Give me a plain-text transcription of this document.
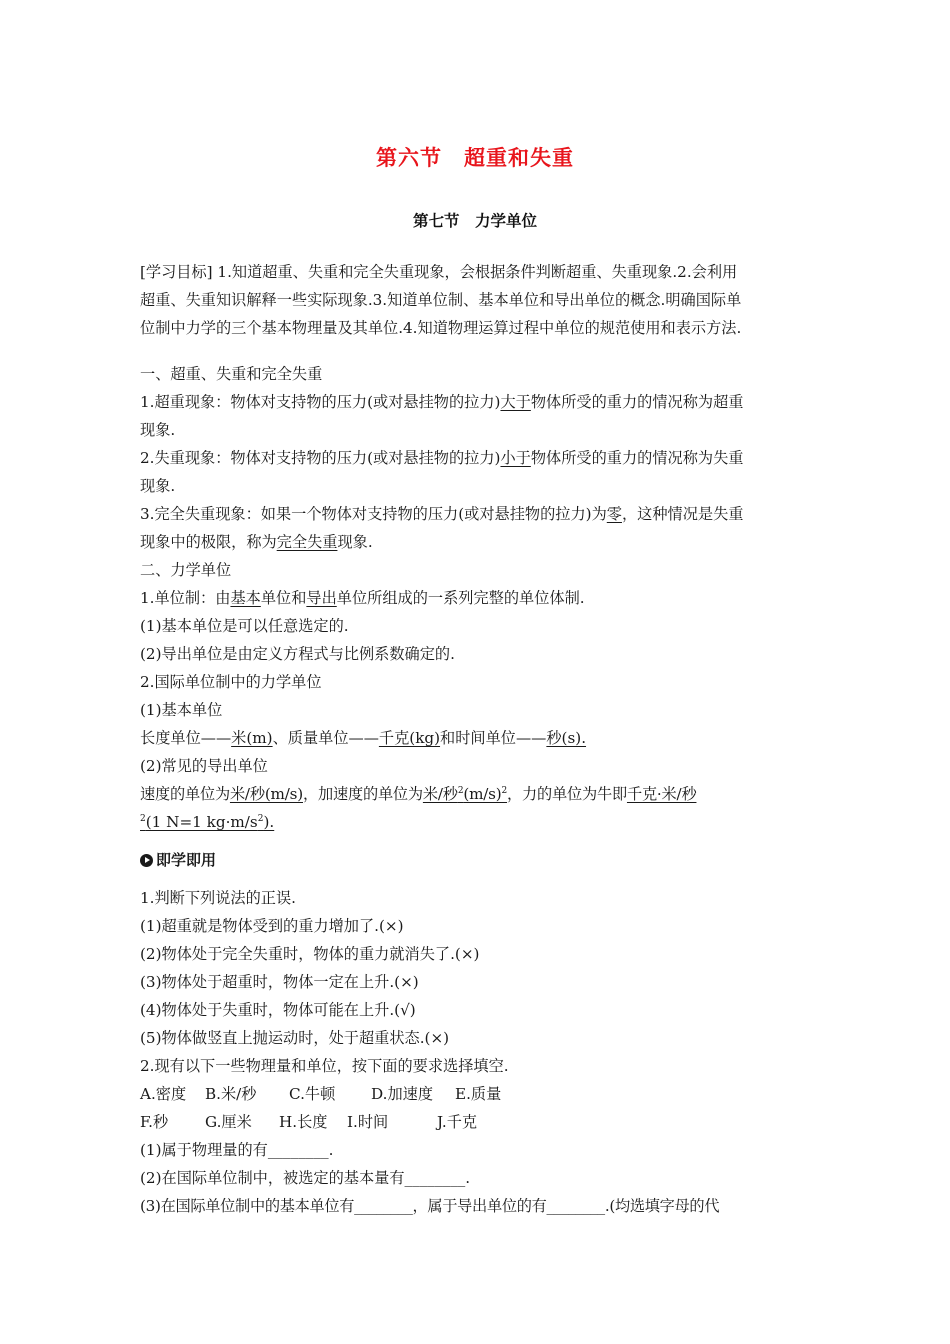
第六节　超重和失重
第七节　力学单位
[学习目标] 1.知道超重、失重和完全失重现象，会根据条件判断超重、失重现象.2.会利用
超重、失重知识解释一些实际现象.3.知道单位制、基本单位和导出单位的概念.明确国际单
位制中力学的三个基本物理量及其单位.4.知道物理运算过程中单位的规范使用和表示方法.
一、超重、失重和完全失重
1.超重现象：物体对支持物的压力(或对悬挂物的拉力)大于物体所受的重力的情况称为超重
现象.
2.失重现象：物体对支持物的压力(或对悬挂物的拉力)小于物体所受的重力的情况称为失重
现象.
3.完全失重现象：如果一个物体对支持物的压力(或对悬挂物的拉力)为零，这种情况是失重
现象中的极限，称为完全失重现象.
二、力学单位
1.单位制：由基本单位和导出单位所组成的一系列完整的单位体制.
(1)基本单位是可以任意选定的.
(2)导出单位是由定义方程式与比例系数确定的.
2.国际单位制中的力学单位
(1)基本单位
长度单位——米(m)、质量单位——千克(kg)和时间单位——秒(s).
(2)常见的导出单位
速度的单位为米/秒(m/s)，加速度的单位为米/秒$^2(m/s)^2$，力的单位为牛即千克·米/秒
$^2$(1 N=1 $kg\cdot m/s^2$).
即学即用
1.判断下列说法的正误.
(1)超重就是物体受到的重力增加了.(×)
(2)物体处于完全失重时，物体的重力就消失了.(×)
(3)物体处于超重时，物体一定在上升.(×)
(4)物体处于失重时，物体可能在上升.(√)
(5)物体做竖直上抛运动时，处于超重状态.(×)
2.现有以下一些物理量和单位，按下面的要求选择填空.
A.密度 B.米/秒 C.牛顿 D.加速度 E.质量
F.秒 G.厘米 H.长度 I.时间	J.千克
(1)属于物理量的有________.
(2)在国际单位制中，被选定的基本量有________.
(3)在国际单位制中的基本单位有________，属于导出单位的有________.(均选填字母的代
